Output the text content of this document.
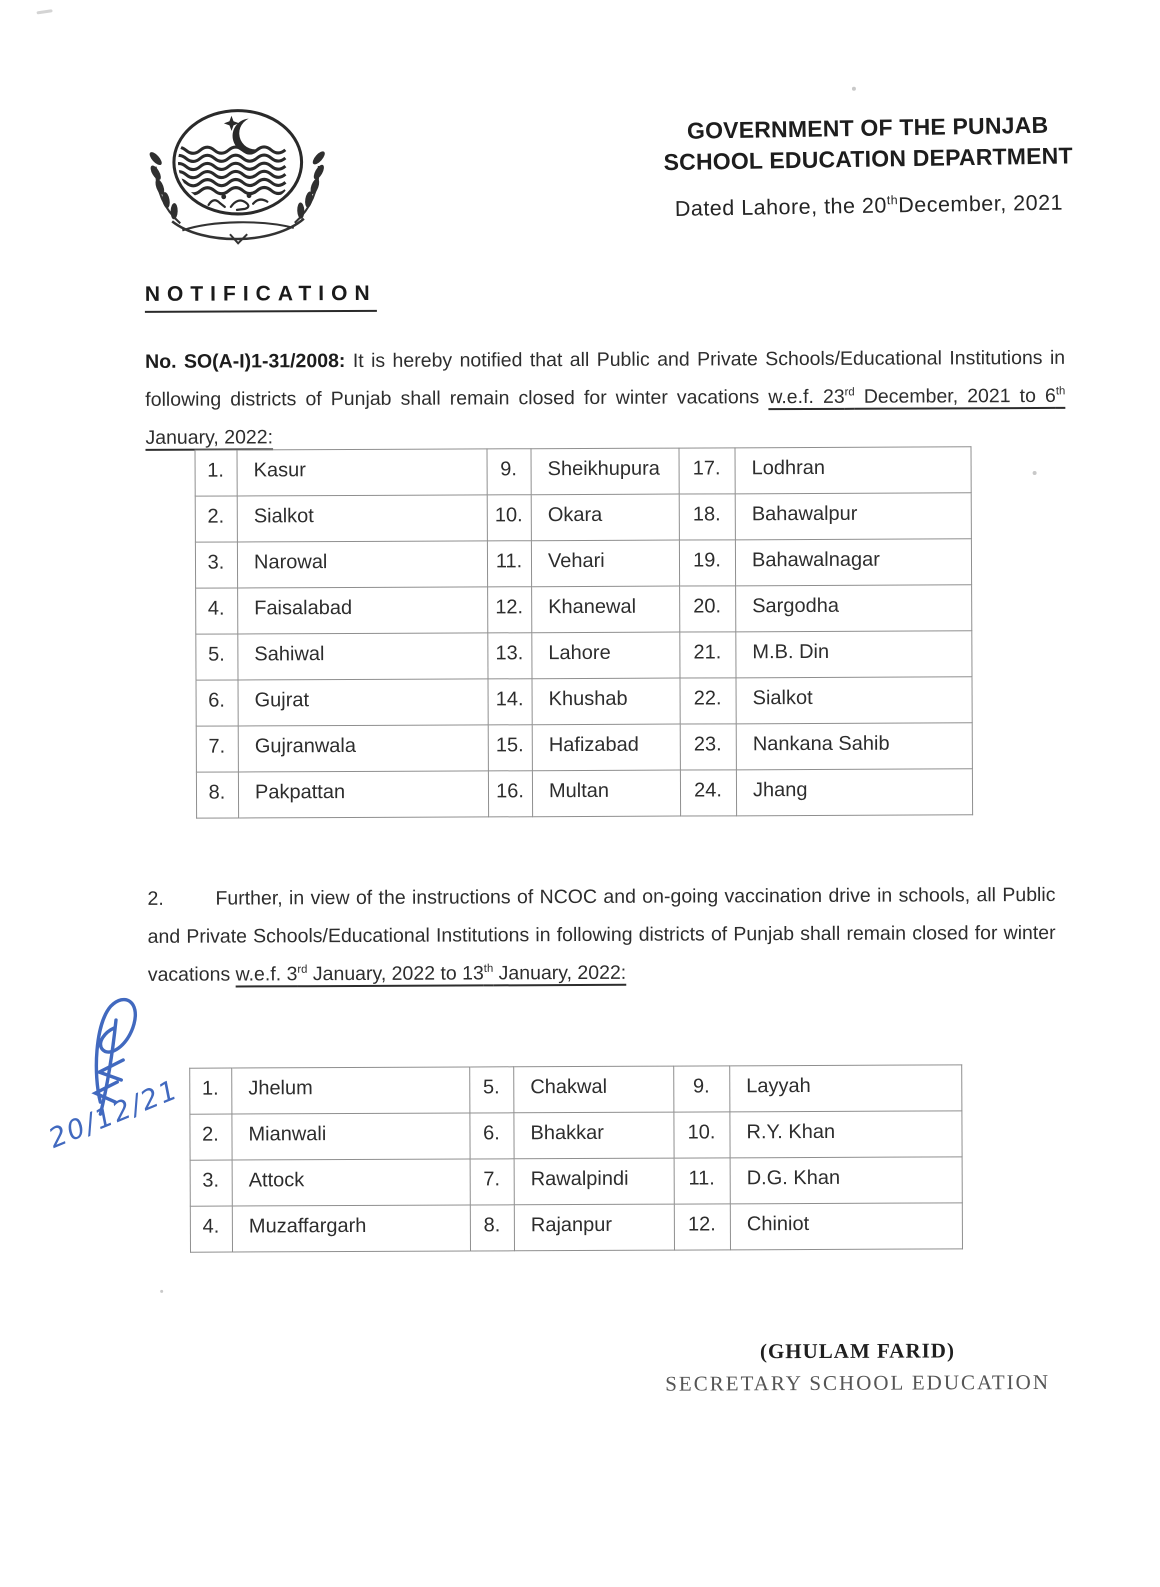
GOVERNMENT OF THE PUNJAB
SCHOOL EDUCATION DEPARTMENT
Dated Lahore, the 20thDecember, 2021
NOTIFICATION

No. SO(A-I)1-31/2008: It is hereby notified that all Public and Private Schools/Educational Institutions in following districts of Punjab shall remain closed for winter vacations w.e.f. 23rd December, 2021 to 6th January, 2022:

1.	Kasur	9.	Sheikhupura	17.	Lodhran
2.	Sialkot	10.	Okara	18.	Bahawalpur
3.	Narowal	11.	Vehari	19.	Bahawalnagar
4.	Faisalabad	12.	Khanewal	20.	Sargodha
5.	Sahiwal	13.	Lahore	21.	M.B. Din
6.	Gujrat	14.	Khushab	22.	Sialkot
7.	Gujranwala	15.	Hafizabad	23.	Nankana Sahib
8.	Pakpattan	16.	Multan	24.	Jhang

2.	Further, in view of the instructions of NCOC and on-going vaccination drive in schools, all Public and Private Schools/Educational Institutions in following districts of Punjab shall remain closed for winter vacations w.e.f. 3rd January, 2022 to 13th January, 2022:

20/12/21 1.	Jhelum	5.	Chakwal	9.	Layyah
2.	Mianwali	6.	Bhakkar	10.	R.Y. Khan
3.	Attock	7.	Rawalpindi	11.	D.G. Khan
4.	Muzaffargarh	8.	Rajanpur	12.	Chiniot
(GHULAM FARID)
SECRETARY SCHOOL EDUCATION
